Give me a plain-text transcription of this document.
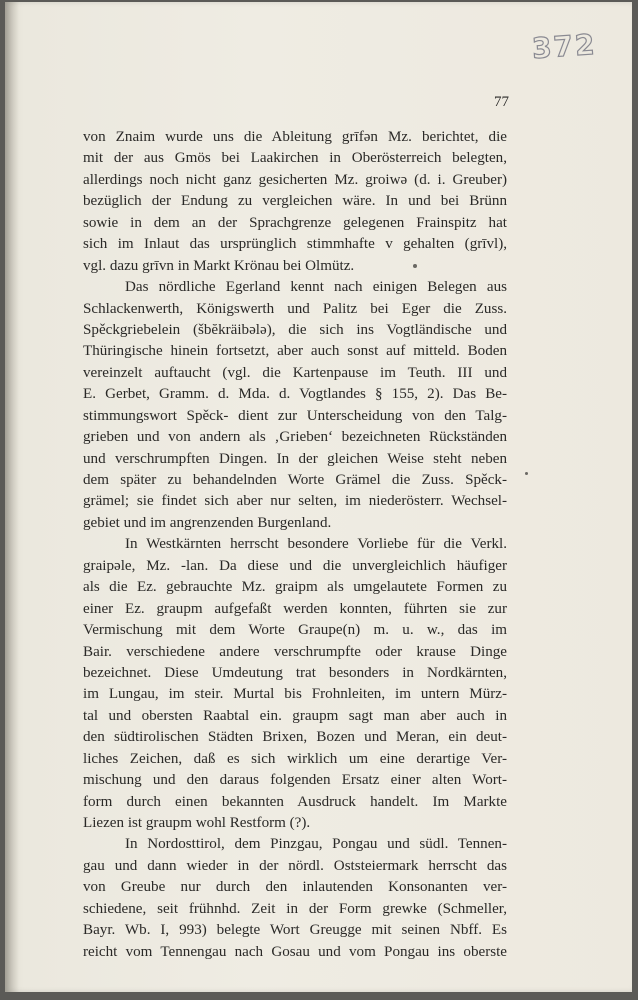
372
77
von Znaim wurde uns die Ableitung grīfǝn Mz. berichtet, die
mit der aus Gmös bei Laakirchen in Oberösterreich belegten,
allerdings noch nicht ganz gesicherten Mz. groiwǝ (d. i. Greuber)
bezüglich der Endung zu vergleichen wäre. In und bei Brünn
sowie in dem an der Sprachgrenze gelegenen Frainspitz hat
sich im Inlaut das ursprünglich stimmhafte v gehalten (grīvl),
vgl. dazu grīvn in Markt Krönau bei Olmütz.
Das nördliche Egerland kennt nach einigen Belegen aus
Schlackenwerth, Königswerth und Palitz bei Eger die Zuss.
Spěckgriebelein (šbĕkräibǝlǝ), die sich ins Vogtländische und
Thüringische hinein fortsetzt, aber auch sonst auf mitteld. Boden
vereinzelt auftaucht (vgl. die Kartenpause im Teuth. III und
E. Gerbet, Gramm. d. Mda. d. Vogtlandes § 155, 2). Das Be-
stimmungswort Spěck- dient zur Unterscheidung von den Talg-
grieben und von andern als ‚Grieben‘ bezeichneten Rückständen
und verschrumpften Dingen. In der gleichen Weise steht neben
dem später zu behandelnden Worte Grämel die Zuss. Spěck-
grämel; sie findet sich aber nur selten, im niederösterr. Wechsel-
gebiet und im angrenzenden Burgenland.
In Westkärnten herrscht besondere Vorliebe für die Verkl.
graipǝle, Mz. -lan. Da diese und die unvergleichlich häufiger
als die Ez. gebrauchte Mz. graipm als umgelautete Formen zu
einer Ez. graupm aufgefaßt werden konnten, führten sie zur
Vermischung mit dem Worte Graupe(n) m. u. w., das im
Bair. verschiedene andere verschrumpfte oder krause Dinge
bezeichnet. Diese Umdeutung trat besonders in Nordkärnten,
im Lungau, im steir. Murtal bis Frohnleiten, im untern Mürz-
tal und obersten Raabtal ein. graupm sagt man aber auch in
den südtirolischen Städten Brixen, Bozen und Meran, ein deut-
liches Zeichen, daß es sich wirklich um eine derartige Ver-
mischung und den daraus folgenden Ersatz einer alten Wort-
form durch einen bekannten Ausdruck handelt. Im Markte
Liezen ist graupm wohl Restform (?).
In Nordosttirol, dem Pinzgau, Pongau und südl. Tennen-
gau und dann wieder in der nördl. Oststeiermark herrscht das
von Greube nur durch den inlautenden Konsonanten ver-
schiedene, seit frühnhd. Zeit in der Form grewke (Schmeller,
Bayr. Wb. I, 993) belegte Wort Greugge mit seinen Nbff. Es
reicht vom Tennengau nach Gosau und vom Pongau ins oberste
